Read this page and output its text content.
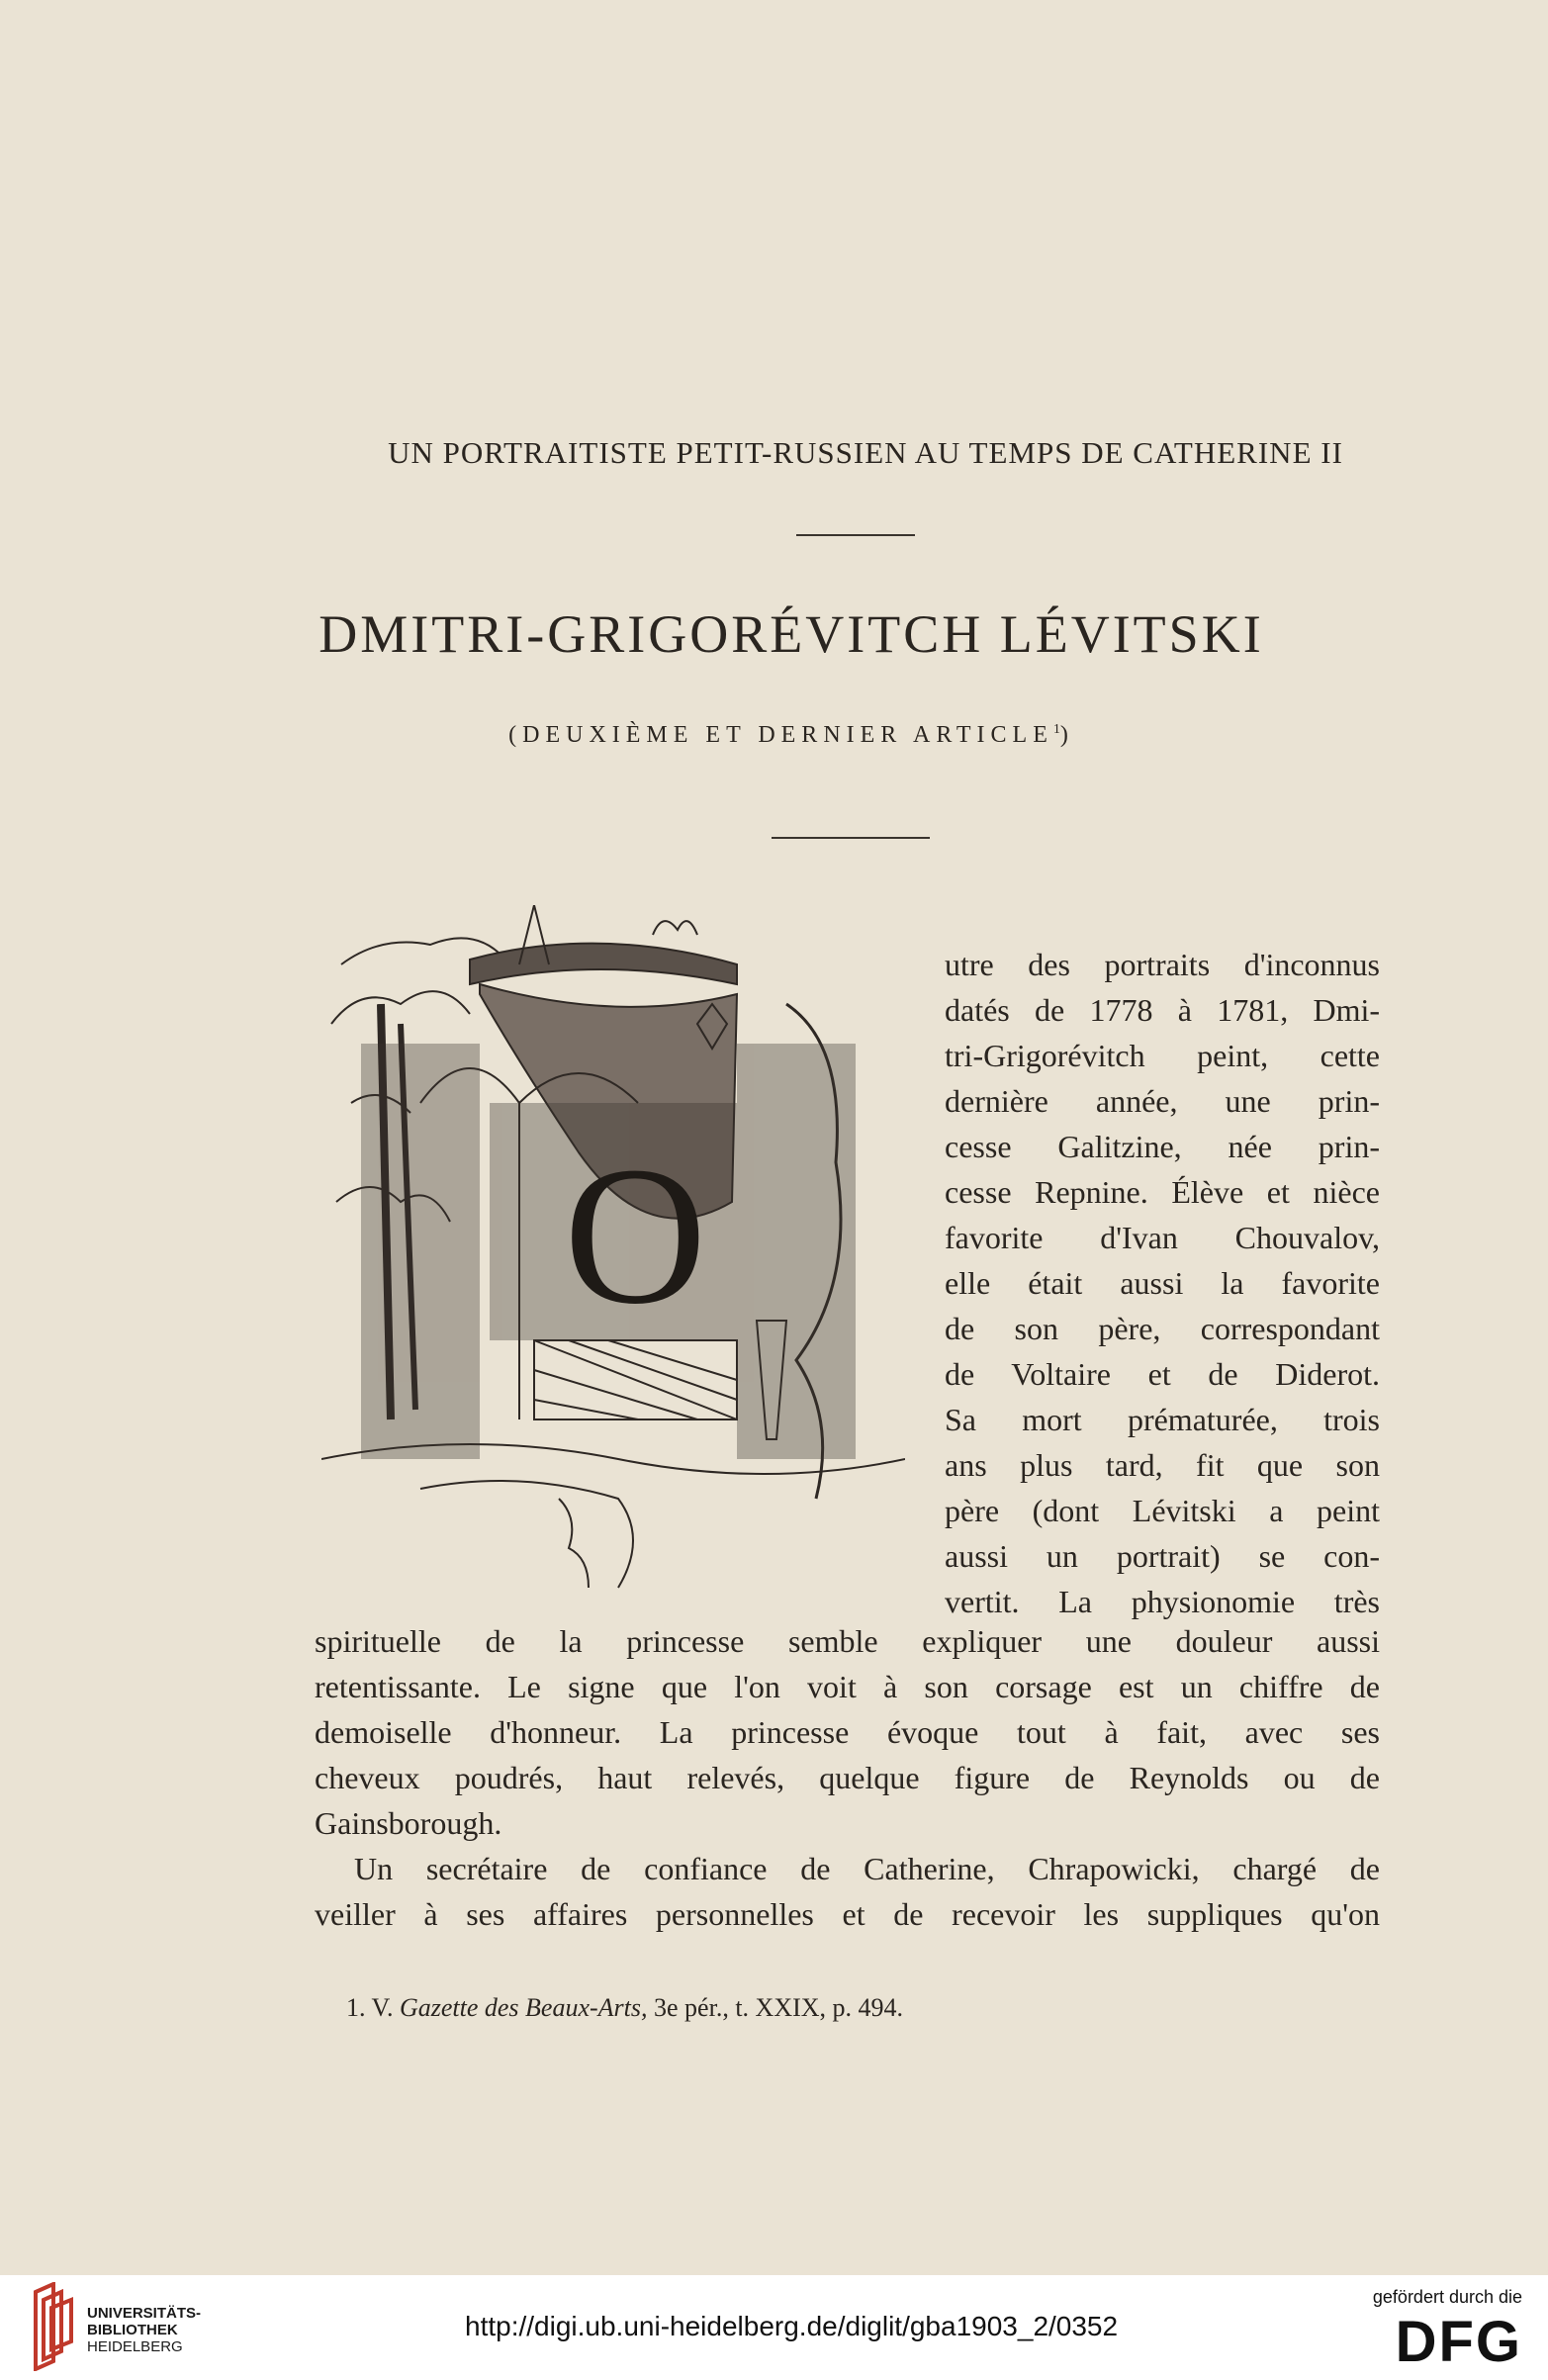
UN PORTRAITISTE PETIT-RUSSIEN AU TEMPS DE CATHERINE II
DMITRI-GRIGORÉVITCH LÉVITSKI
(DEUXIÈME ET DERNIER ARTICLE$^1$)
O
utre des portraits d'inconnus
datés de 1778 à 1781, Dmi-
tri-Grigorévitch peint, cette
dernière année, une prin-
cesse Galitzine, née prin-
cesse Repnine. Élève et nièce
favorite d'Ivan Chouvalov,
elle était aussi la favorite
de son père, correspondant
de Voltaire et de Diderot.
Sa mort prématurée, trois
ans plus tard, fit que son
père (dont Lévitski a peint
aussi un portrait) se con-
vertit. La physionomie très
spirituelle de la princesse semble expliquer une douleur aussi
retentissante. Le signe que l'on voit à son corsage est un chiffre de
demoiselle d'honneur. La princesse évoque tout à fait, avec ses
cheveux poudrés, haut relevés, quelque figure de Reynolds ou de
Gainsborough.
Un secrétaire de confiance de Catherine, Chrapowicki, chargé de
veiller à ses affaires personnelles et de recevoir les suppliques qu'on
1. V. Gazette des Beaux-Arts, 3e pér., t. XXIX, p. 494.
UNIVERSITÄTS-
BIBLIOTHEK
HEIDELBERG
http://digi.ub.uni-heidelberg.de/diglit/gba1903_2/0352
gefördert durch die
DFG
